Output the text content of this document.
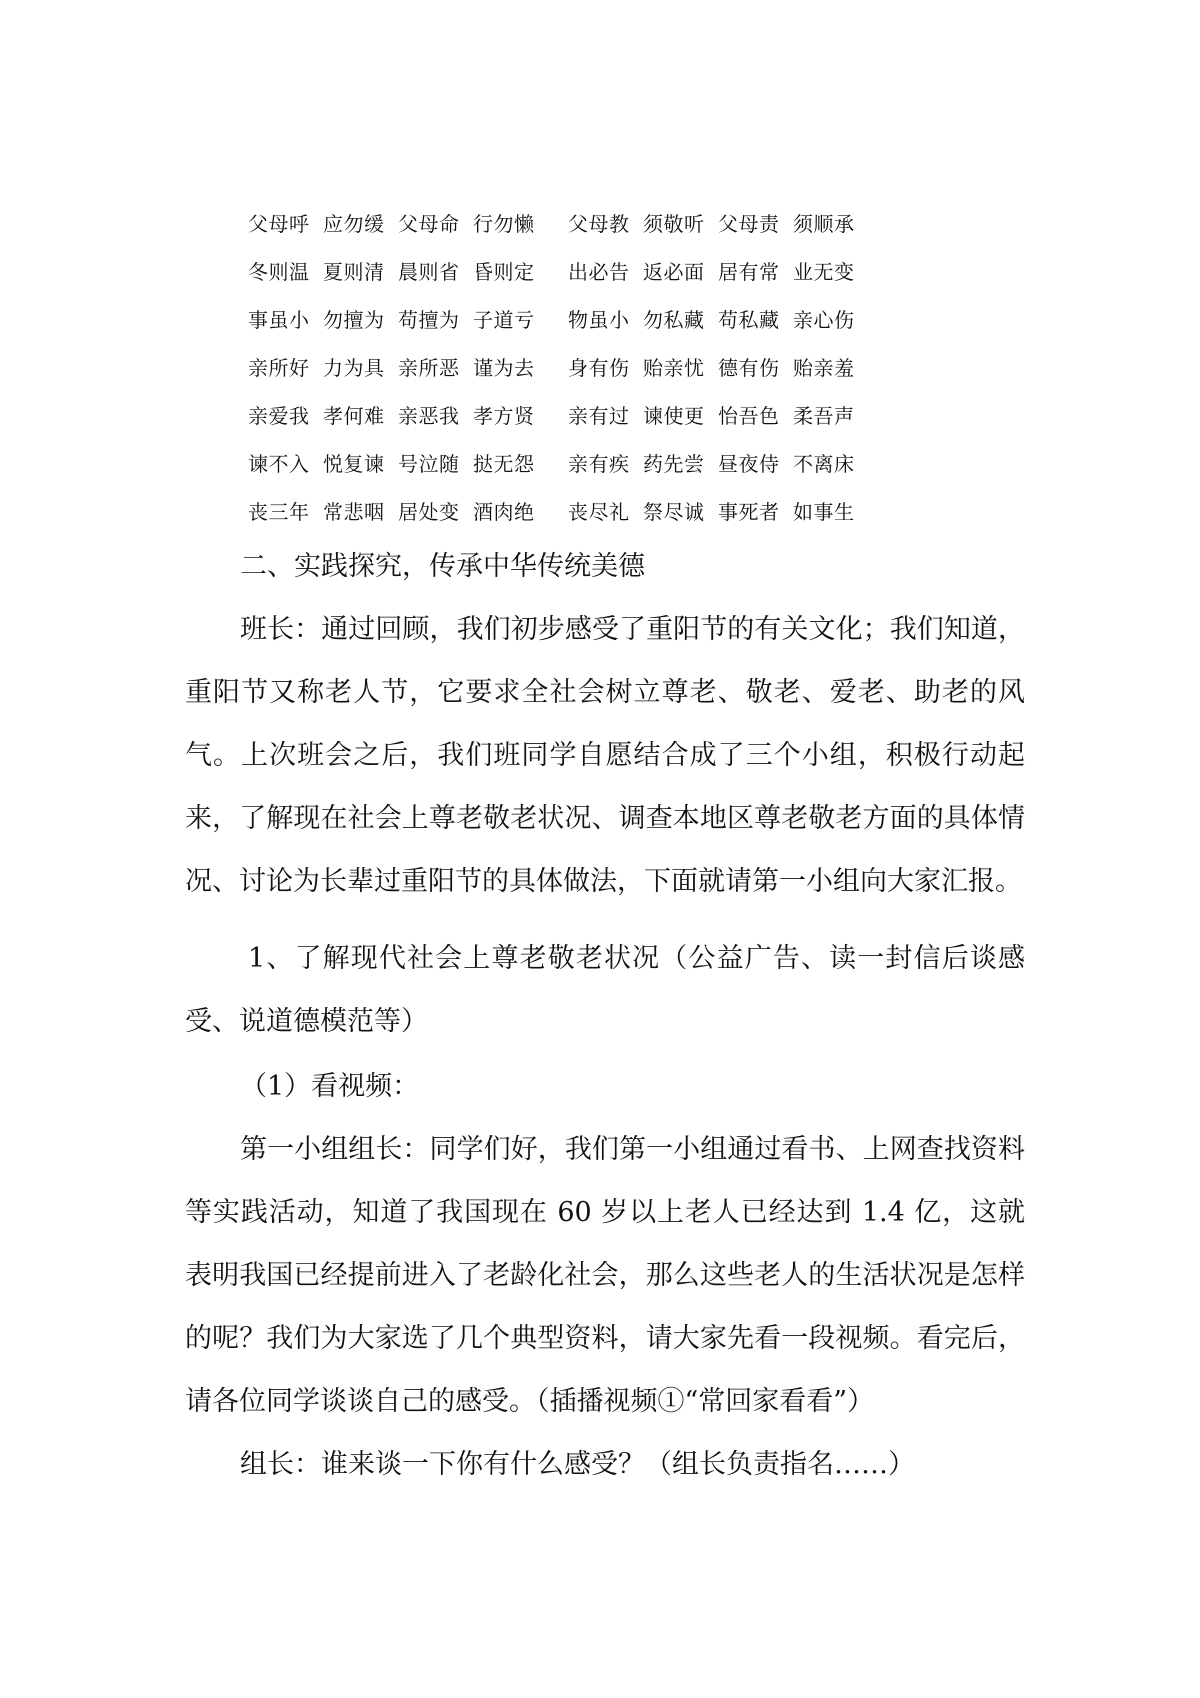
父母呼 应勿缓 父母命 行勿懒	父母教 须敬听 父母责 须顺承
冬则温 夏则清 晨则省 昏则定	出必告 返必面 居有常 业无变
事虽小 勿擅为 苟擅为 子道亏	物虽小 勿私藏 苟私藏 亲心伤
亲所好 力为具 亲所恶 谨为去	身有伤 贻亲忧 德有伤 贻亲羞
亲爱我 孝何难 亲恶我 孝方贤	亲有过 谏使更 怡吾色 柔吾声
谏不入 悦复谏 号泣随 挞无怨	亲有疾 药先尝 昼夜侍 不离床
丧三年 常悲咽 居处变 酒肉绝	丧尽礼 祭尽诚 事死者 如事生

二、实践探究，传承中华传统美德

班长：通过回顾，我们初步感受了重阳节的有关文化；我们知道，重阳节又称老人节，它要求全社会树立尊老、敬老、爱老、助老的风气。上次班会之后，我们班同学自愿结合成了三个小组，积极行动起来，了解现在社会上尊老敬老状况、调查本地区尊老敬老方面的具体情况、讨论为长辈过重阳节的具体做法，下面就请第一小组向大家汇报。

1、了解现代社会上尊老敬老状况（公益广告、读一封信后谈感受、说道德模范等）

（1）看视频：

第一小组组长：同学们好，我们第一小组通过看书、上网查找资料等实践活动，知道了我国现在 60 岁以上老人已经达到 1.4 亿，这就表明我国已经提前进入了老龄化社会，那么这些老人的生活状况是怎样的呢？我们为大家选了几个典型资料，请大家先看一段视频。看完后，请各位同学谈谈自己的感受。（插播视频①“常回家看看”）

组长：谁来谈一下你有什么感受？（组长负责指名……）
